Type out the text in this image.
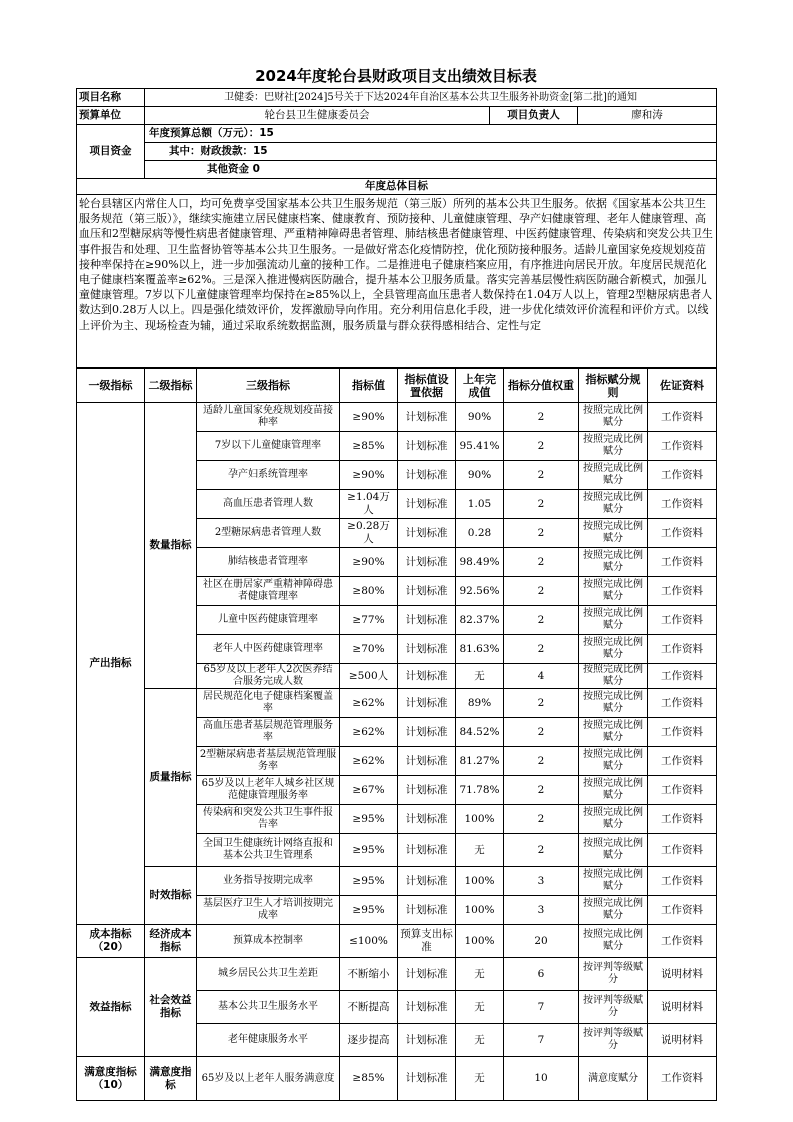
2024年度轮台县财政项目支出绩效目标表
项目名称	卫健委：巴财社[2024]5号关于下达2024年自治区基本公共卫生服务补助资金[第二批]的通知		
预算单位	轮台县卫生健康委员会	项目负责人	廖和涛
项目资金	年度预算总额（万元）：15		
	其中：财政拨款：15		
	其他资金 0		
年度总体目标			

轮台县辖区内常住人口，均可免费享受国家基本公共卫生服务规范（第三版）所列的基本公共卫生服务。依据《国家基本公共卫生服务规范（第三版）》，继续实施建立居民健康档案、健康教育、预防接种、儿童健康管理、孕产妇健康管理、老年人健康管理、高血压和2型糖尿病等慢性病患者健康管理、严重精神障碍患者管理、肺结核患者健康管理、中医药健康管理、传染病和突发公共卫生事件报告和处理、卫生监督协管等基本公共卫生服务。一是做好常态化疫情防控，优化预防接种服务。适龄儿童国家免疫规划疫苗接种率保持在≥90%以上，进一步加强流动儿童的接种工作。二是推进电子健康档案应用，有序推进向居民开放。年度居民规范化电子健康档案覆盖率≥62%。三是深入推进慢病医防融合，提升基本公卫服务质量。落实完善基层慢性病医防融合新模式，加强儿童健康管理。7岁以下儿童健康管理率均保持在≥85%以上，全县管理高血压患者人数保持在1.04万人以上，管理2型糖尿病患者人数达到0.28万人以上。四是强化绩效评价，发挥激励导向作用。充分利用信息化手段，进一步优化绩效评价流程和评价方式。以线上评价为主、现场检查为辅，通过采取系统数据监测，服务质量与群众获得感相结合、定性与定			
一级指标	二级指标	三级指标	指标值	指标值设置依据	上年完成值	指标分值权重	指标赋分规则	佐证资料
产出指标	数量指标	适龄儿童国家免疫规划疫苗接种率	≥90%	计划标准	90%	2	按照完成比例赋分	工作资料
		7岁以下儿童健康管理率	≥85%	计划标准	95.41%	2	按照完成比例赋分	工作资料
		孕产妇系统管理率	≥90%	计划标准	90%	2	按照完成比例赋分	工作资料
		高血压患者管理人数	≥1.04万人	计划标准	1.05	2	按照完成比例赋分	工作资料
		2型糖尿病患者管理人数	≥0.28万人	计划标准	0.28	2	按照完成比例赋分	工作资料
		肺结核患者管理率	≥90%	计划标准	98.49%	2	按照完成比例赋分	工作资料
		社区在册居家严重精神障碍患者健康管理率	≥80%	计划标准	92.56%	2	按照完成比例赋分	工作资料
		儿童中医药健康管理率	≥77%	计划标准	82.37%	2	按照完成比例赋分	工作资料
		老年人中医药健康管理率	≥70%	计划标准	81.63%	2	按照完成比例赋分	工作资料
		65岁及以上老年人2次医养结合服务完成人数	≥500人	计划标准	无	4	按照完成比例赋分	工作资料
	质量指标	居民规范化电子健康档案覆盖率	≥62%	计划标准	89%	2	按照完成比例赋分	工作资料
		高血压患者基层规范管理服务率	≥62%	计划标准	84.52%	2	按照完成比例赋分	工作资料
		2型糖尿病患者基层规范管理服务率	≥62%	计划标准	81.27%	2	按照完成比例赋分	工作资料
		65岁及以上老年人城乡社区规范健康管理服务率	≥67%	计划标准	71.78%	2	按照完成比例赋分	工作资料
		传染病和突发公共卫生事件报告率	≥95%	计划标准	100%	2	按照完成比例赋分	工作资料
		全国卫生健康统计网络直报和基本公共卫生管理系	≥95%	计划标准	无	2	按照完成比例赋分	工作资料
	时效指标	业务指导按期完成率	≥95%	计划标准	100%	3	按照完成比例赋分	工作资料
		基层医疗卫生人才培训按期完成率	≥95%	计划标准	100%	3	按照完成比例赋分	工作资料
成本指标（20）	经济成本指标	预算成本控制率	≤100%	预算支出标准	100%	20	按照完成比例赋分	工作资料
效益指标	社会效益指标	城乡居民公共卫生差距	不断缩小	计划标准	无	6	按评判等级赋分	说明材料
		基本公共卫生服务水平	不断提高	计划标准	无	7	按评判等级赋分	说明材料
		老年健康服务水平	逐步提高	计划标准	无	7	按评判等级赋分	说明材料
满意度指标（10）	满意度指标	65岁及以上老年人服务满意度	≥85%	计划标准	无	10	满意度赋分	工作资料
